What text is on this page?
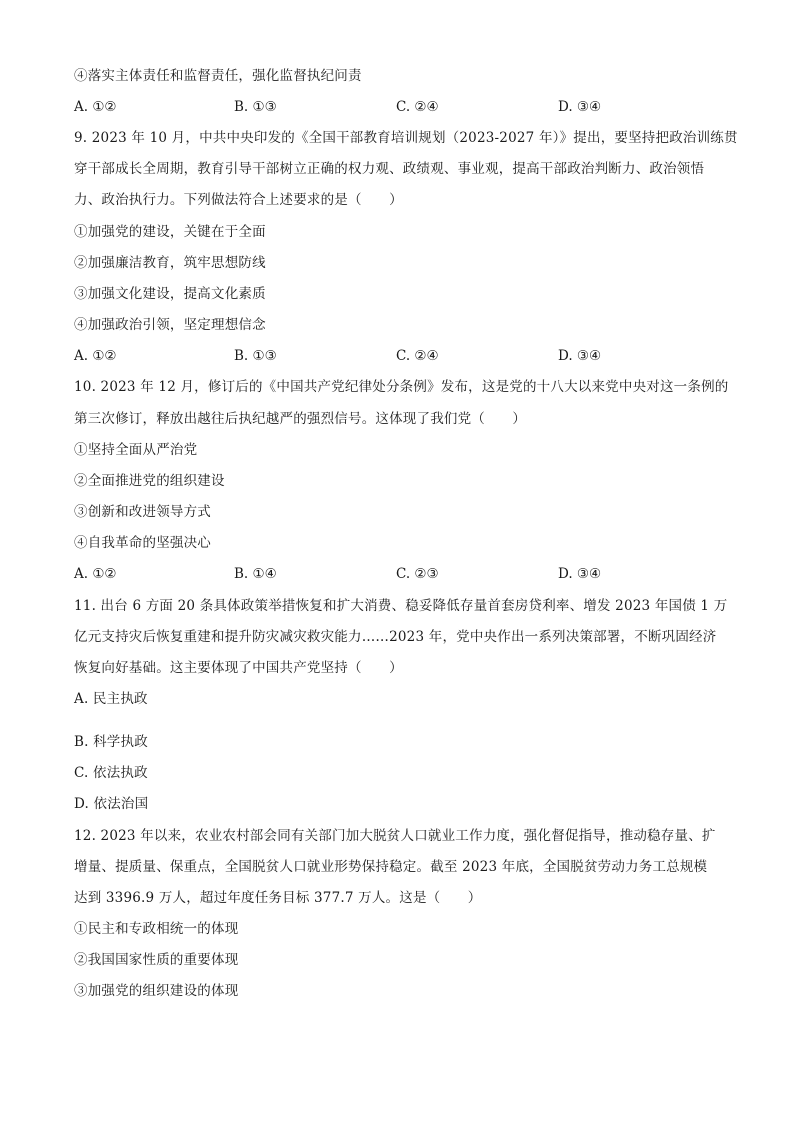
④落实主体责任和监督责任，强化监督执纪问责
A. ①②	B. ①③	C. ②④	D. ③④
9. 2023 年 10 月，中共中央印发的《全国干部教育培训规划（2023-2027 年）》提出，要坚持把政治训练贯
穿干部成长全周期，教育引导干部树立正确的权力观、政绩观、事业观，提高干部政治判断力、政治领悟
力、政治执行力。下列做法符合上述要求的是（　　）
①加强党的建设，关键在于全面
②加强廉洁教育，筑牢思想防线
③加强文化建设，提高文化素质
④加强政治引领，坚定理想信念
A. ①②	B. ①③	C. ②④	D. ③④
10. 2023 年 12 月，修订后的《中国共产党纪律处分条例》发布，这是党的十八大以来党中央对这一条例的
第三次修订，释放出越往后执纪越严的强烈信号。这体现了我们党（　　）
①坚持全面从严治党
②全面推进党的组织建设
③创新和改进领导方式
④自我革命的坚强决心
A. ①②	B. ①④	C. ②③	D. ③④
11. 出台 6 方面 20 条具体政策举措恢复和扩大消费、稳妥降低存量首套房贷利率、增发 2023 年国债 1 万
亿元支持灾后恢复重建和提升防灾减灾救灾能力……2023 年，党中央作出一系列决策部署，不断巩固经济
恢复向好基础。这主要体现了中国共产党坚持（　　）
A. 民主执政
B. 科学执政
C. 依法执政
D. 依法治国
12. 2023 年以来，农业农村部会同有关部门加大脱贫人口就业工作力度，强化督促指导，推动稳存量、扩
增量、提质量、保重点，全国脱贫人口就业形势保持稳定。截至 2023 年底，全国脱贫劳动力务工总规模
达到 3396.9 万人，超过年度任务目标 377.7 万人。这是（　　）
①民主和专政相统一的体现
②我国国家性质的重要体现
③加强党的组织建设的体现
